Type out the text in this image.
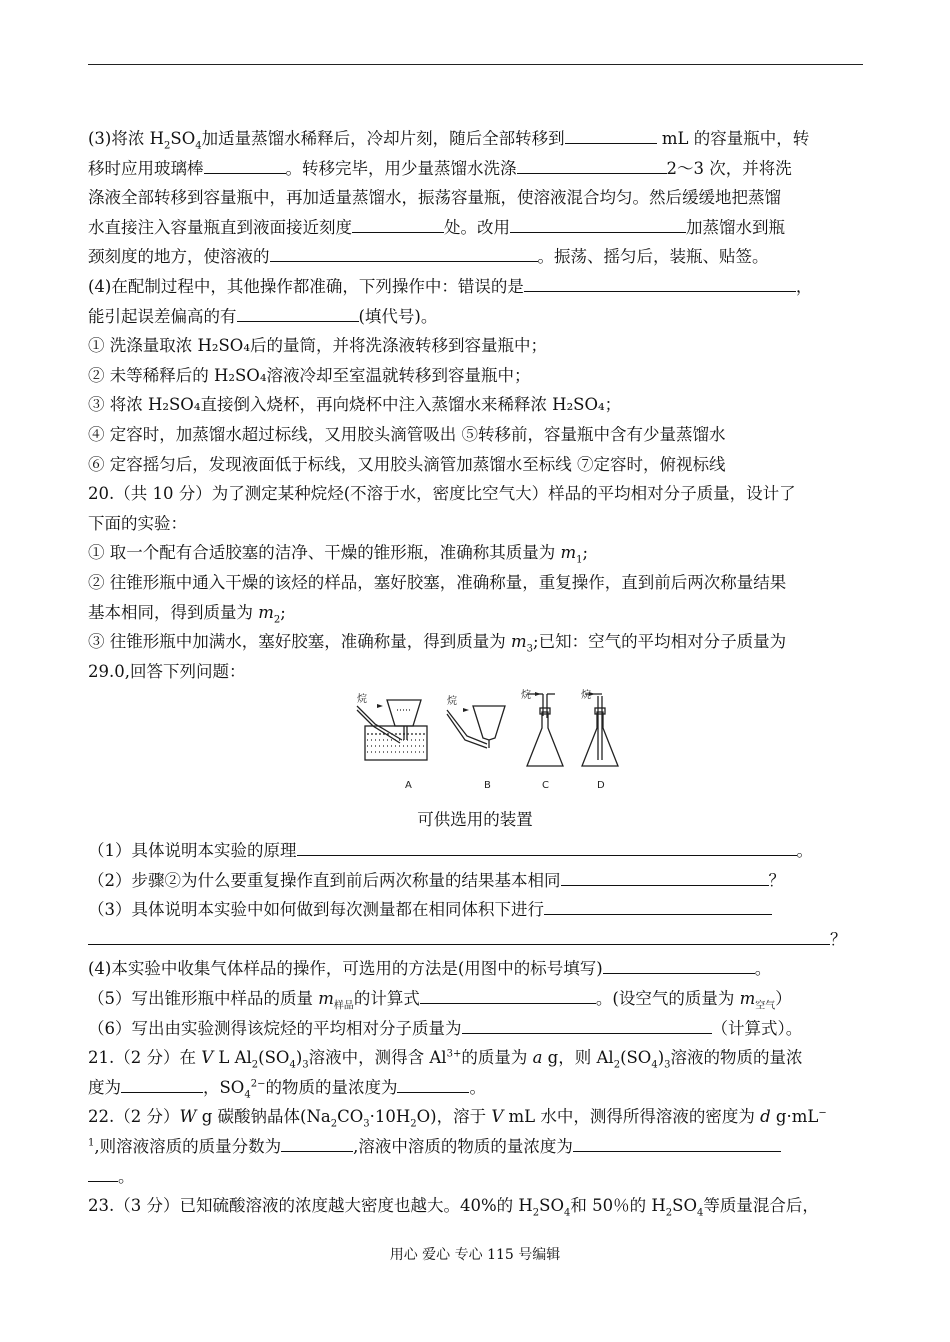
(3)将浓 $H_2SO_4$加适量蒸馏水稀释后，冷却片刻，随后全部转移到	mL 的容量瓶中，转
移时应用玻璃棒	。转移完毕，用少量蒸馏水洗涤	2～3 次，并将洗
涤液全部转移到容量瓶中，再加适量蒸馏水，振荡容量瓶，使溶液混合均匀。然后缓缓地把蒸馏
水直接注入容量瓶直到液面接近刻度	处。改用	加蒸馏水到瓶
颈刻度的地方，使溶液的	。振荡、摇匀后，装瓶、贴签。
(4)在配制过程中，其他操作都准确，下列操作中：错误的是	，
能引起误差偏高的有	(填代号)。
① 洗涤量取浓 H₂SO₄后的量筒，并将洗涤液转移到容量瓶中；
② 未等稀释后的 H₂SO₄溶液冷却至室温就转移到容量瓶中；
③ 将浓 H₂SO₄直接倒入烧杯，再向烧杯中注入蒸馏水来稀释浓 H₂SO₄；
④ 定容时，加蒸馏水超过标线，又用胶头滴管吸出 ⑤转移前，容量瓶中含有少量蒸馏水
⑥ 定容摇匀后，发现液面低于标线，又用胶头滴管加蒸馏水至标线 ⑦定容时，俯视标线
20.（共 10 分）为了测定某种烷烃(不溶于水，密度比空气大）样品的平均相对分子质量，设计了
下面的实验：
① 取一个配有合适胶塞的洁净、干燥的锥形瓶，准确称其质量为 $m_1$;
② 往锥形瓶中通入干燥的该烃的样品，塞好胶塞，准确称量，重复操作，直到前后两次称量结果
基本相同，得到质量为 $m_2$;
③ 往锥形瓶中加满水，塞好胶塞，准确称量，得到质量为 $m_3$;已知：空气的平均相对分子质量为
29.0,回答下列问题：
烷	烷
烷	烷
A	B	C	D
可供选用的装置
（1）具体说明本实验的原理	。
（2）步骤②为什么要重复操作直到前后两次称量的结果基本相同	？
（3）具体说明本实验中如何做到每次测量都在相同体积下进行
？
(4)本实验中收集气体样品的操作，可选用的方法是(用图中的标号填写)	。
（5）写出锥形瓶中样品的质量 $m_{样品}$的计算式	。(设空气的质量为 $m_{空气}$）
（6）写出由实验测得该烷烃的平均相对分子质量为	（计算式）。
21.（2 分）在 V L $Al_2(SO_4)_3$溶液中，测得含 $Al^{3+}$的质量为 a g，则 $Al_2(SO_4)_3$溶液的物质的量浓
度为	，$SO_4^{2-}$的物质的量浓度为	。
22.（2 分）W g 碳酸钠晶体$(Na_2CO_3\cdot 10H_2O)$，溶于 V mL 水中，测得所得溶液的密度为 d g·mL−
$^1$,则溶液溶质的质量分数为	,溶液中溶质的物质的量浓度为
。
23.（3 分）已知硫酸溶液的浓度越大密度也越大。40%的 $H_2SO_4$和 50％的 $H_2SO_4$等质量混合后，
用心 爱心 专心 115 号编辑
